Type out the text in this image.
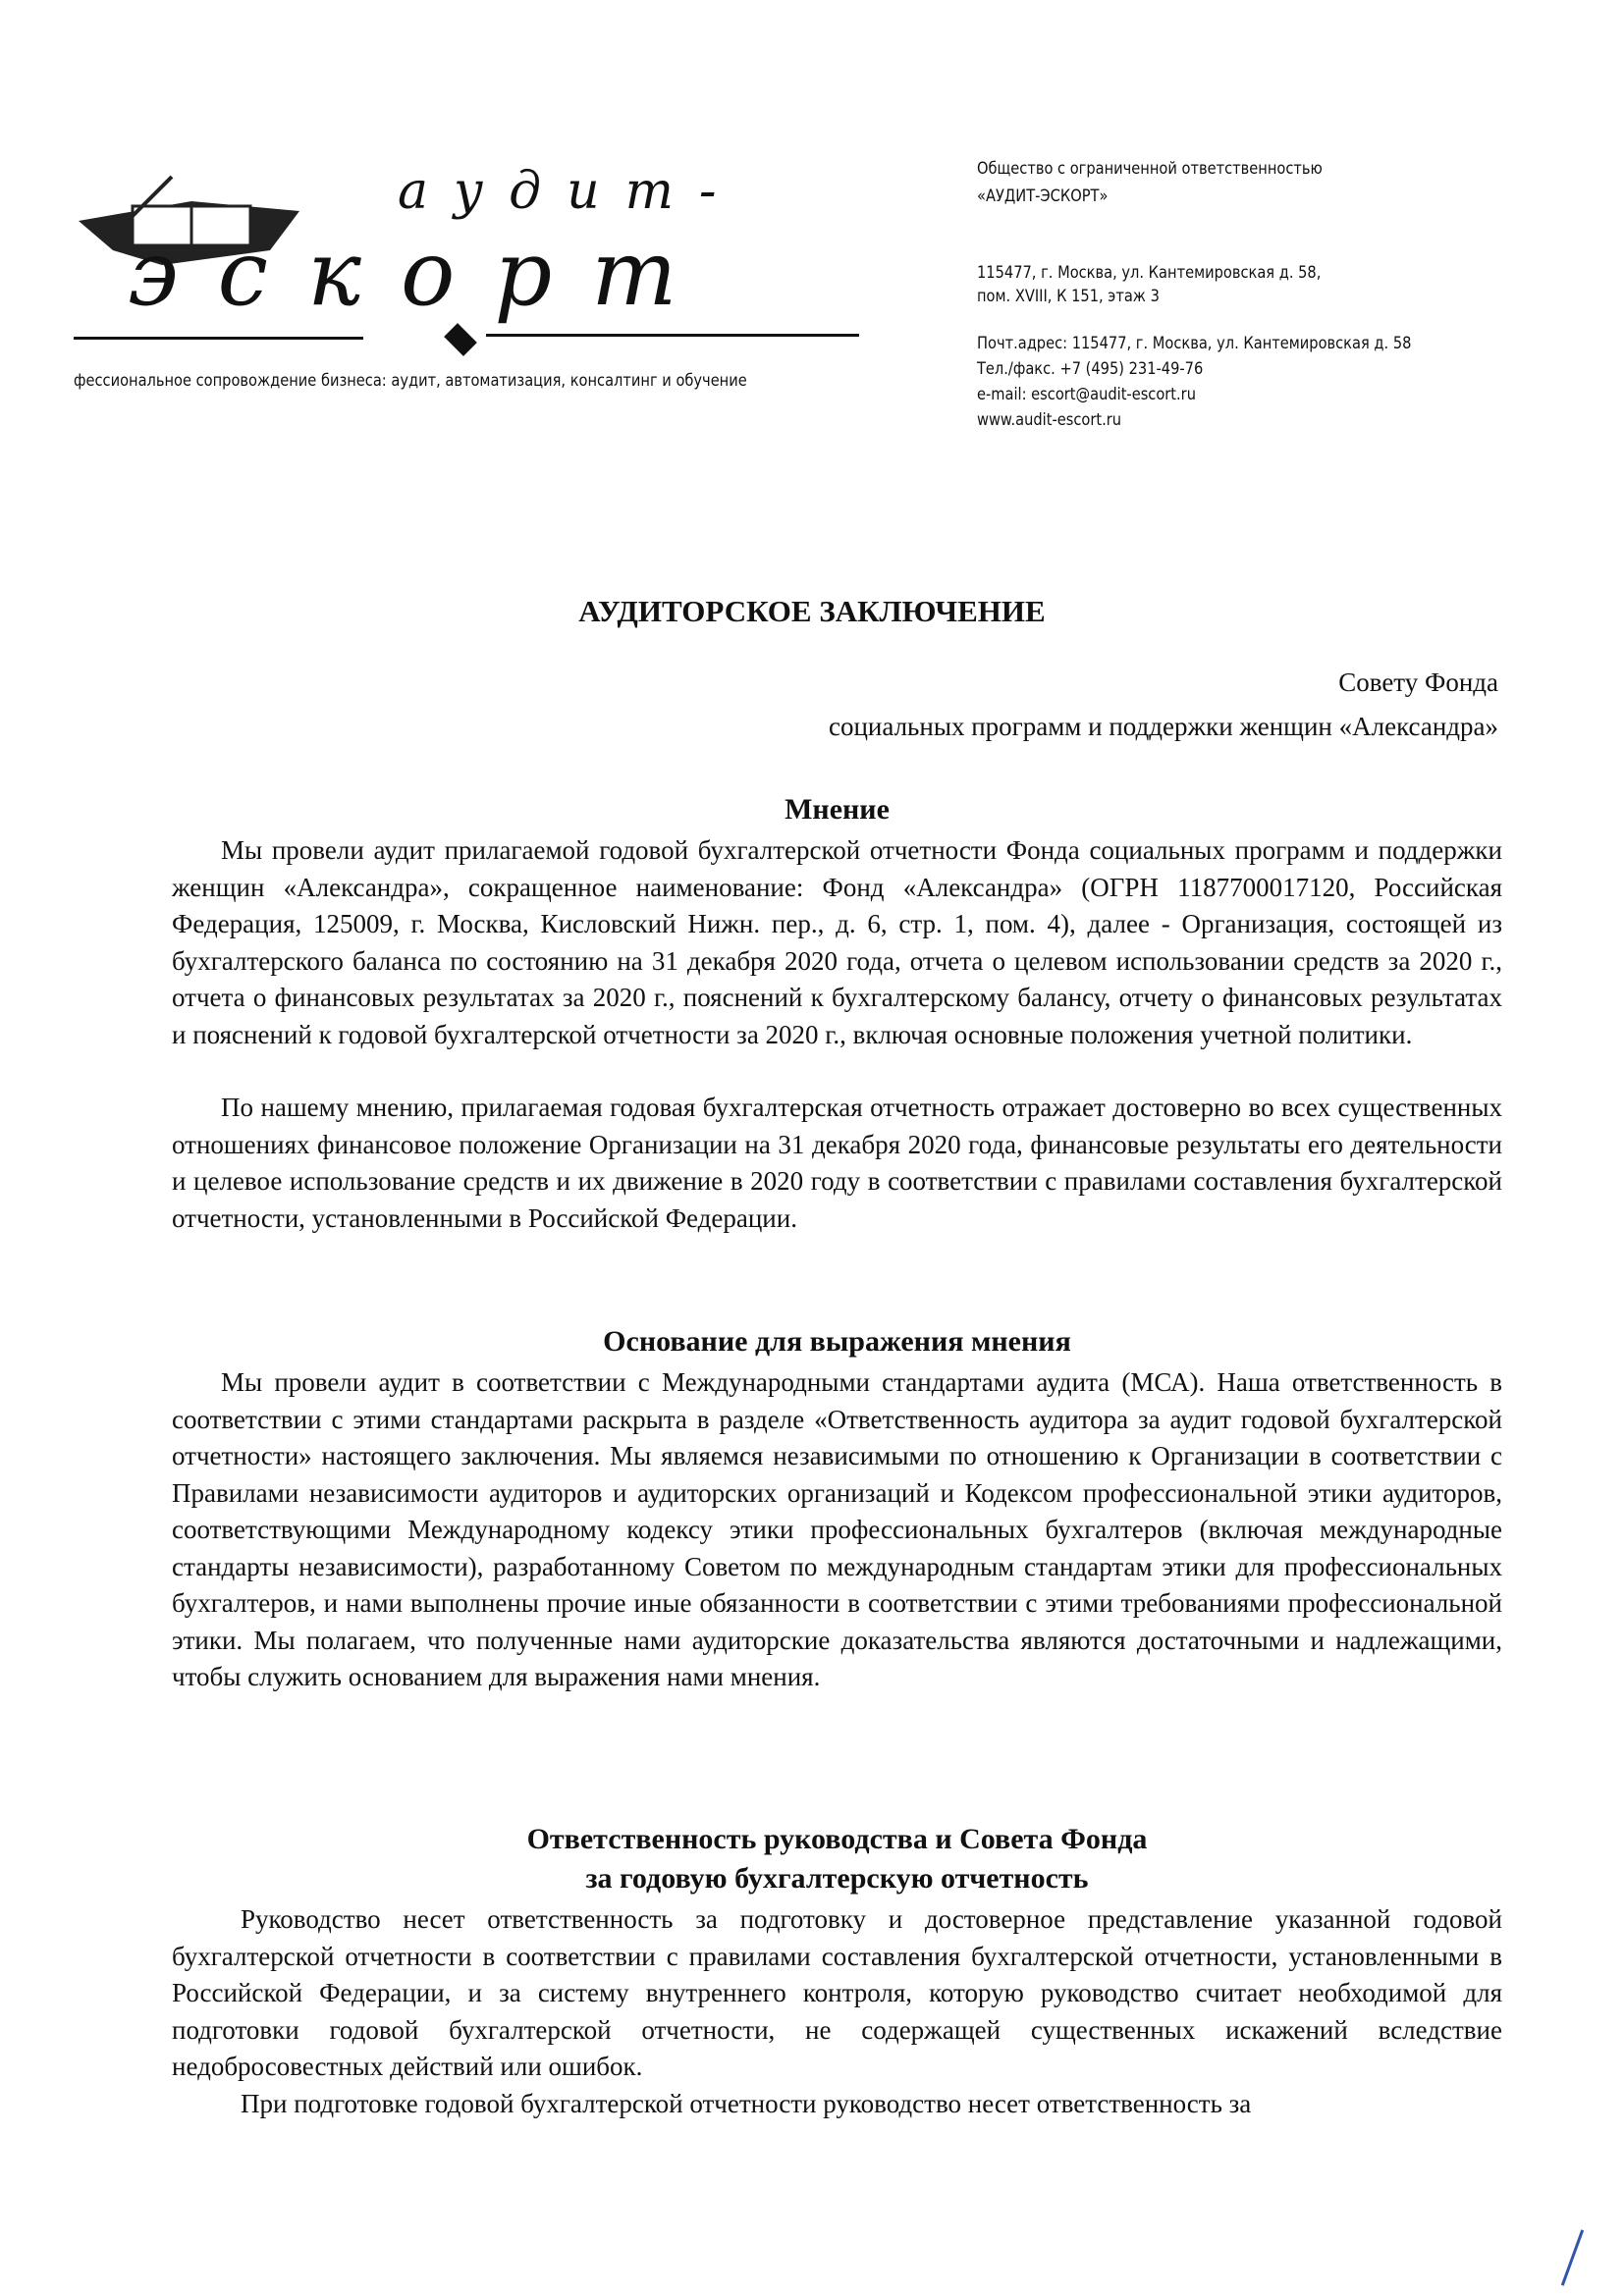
аудит-
эскорт
фессиональное сопровождение бизнеса: аудит, автоматизация, консалтинг и обучение
Общество с ограниченной ответственностью
«АУДИТ-ЭСКОРТ»
115477, г. Москва, ул. Кантемировская д. 58,
пом. XVIII, К 151, этаж 3
Почт.адрес: 115477, г. Москва, ул. Кантемировская д. 58
Тел./факс. +7 (495) 231-49-76
e-mail: escort@audit-escort.ru
www.audit-escort.ru
АУДИТОРСКОЕ ЗАКЛЮЧЕНИЕ
Совету Фонда
социальных программ и поддержки женщин «Александра»
Мнение

Мы провели аудит прилагаемой годовой бухгалтерской отчетности Фонда социальных программ и поддержки женщин «Александра», сокращенное наименование: Фонд «Александра» (ОГРН 1187700017120, Российская Федерация, 125009, г. Москва, Кисловский Нижн. пер., д. 6, стр. 1, пом. 4), далее - Организация, состоящей из бухгалтерского баланса по состоянию на 31 декабря 2020 года, отчета о целевом использовании средств за 2020 г., отчета о финансовых результатах за 2020 г., пояснений к бухгалтерскому балансу, отчету о финансовых результатах и пояснений к годовой бухгалтерской отчетности за 2020 г., включая основные положения учетной политики.

По нашему мнению, прилагаемая годовая бухгалтерская отчетность отражает достоверно во всех существенных отношениях финансовое положение Организации на 31 декабря 2020 года, финансовые результаты его деятельности и целевое использование средств и их движение в 2020 году в соответствии с правилами составления бухгалтерской отчетности, установленными в Российской Федерации.

Основание для выражения мнения

Мы провели аудит в соответствии с Международными стандартами аудита (МСА). Наша ответственность в соответствии с этими стандартами раскрыта в разделе «Ответственность аудитора за аудит годовой бухгалтерской отчетности» настоящего заключения. Мы являемся независимыми по отношению к Организации в соответствии с Правилами независимости аудиторов и аудиторских организаций и Кодексом профессиональной этики аудиторов, соответствующими Международному кодексу этики профессиональных бухгалтеров (включая международные стандарты независимости), разработанному Советом по международным стандартам этики для профессиональных бухгалтеров, и нами выполнены прочие иные обязанности в соответствии с этими требованиями профессиональной этики. Мы полагаем, что полученные нами аудиторские доказательства являются достаточными и надлежащими, чтобы служить основанием для выражения нами мнения.

Ответственность руководства и Совета Фонда
за годовую бухгалтерскую отчетность

Руководство несет ответственность за подготовку и достоверное представление указанной годовой бухгалтерской отчетности в соответствии с правилами составления бухгалтерской отчетности, установленными в Российской Федерации, и за систему внутреннего контроля, которую руководство считает необходимой для подготовки годовой бухгалтерской отчетности, не содержащей существенных искажений вследствие недобросовестных действий или ошибок.

При подготовке годовой бухгалтерской отчетности руководство несет ответственность за
